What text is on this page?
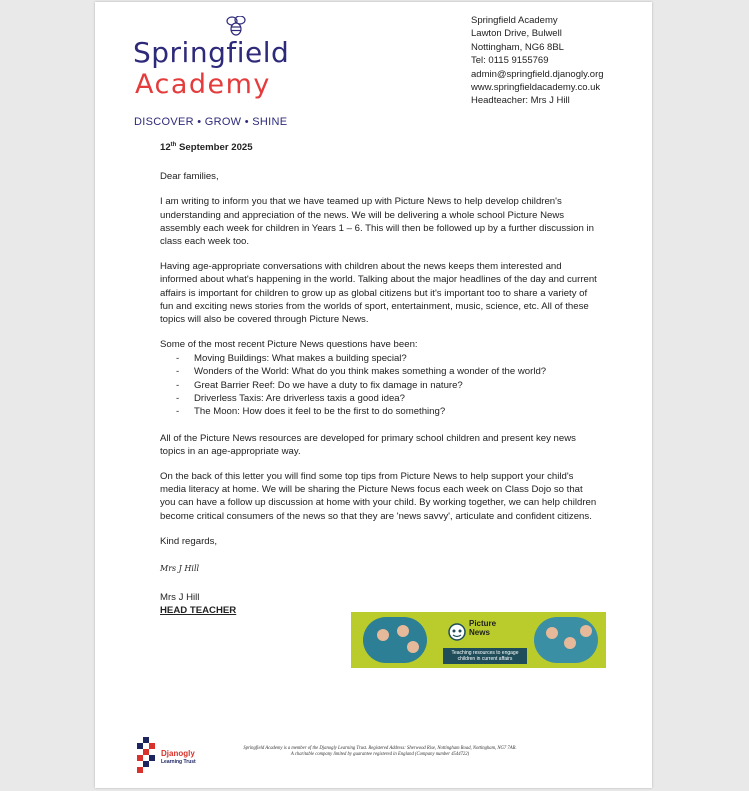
Springfield
Academy
DISCOVER • GROW • SHINE
Springfield Academy
Lawton Drive, Bulwell
Nottingham, NG6 8BL
Tel: 0115 9155769
admin@springfield.djanogly.org
www.springfieldacademy.co.uk
Headteacher: Mrs J Hill
12th September 2025

Dear families,

I am writing to inform you that we have teamed up with Picture News to help develop children's understanding and appreciation of the news. We will be delivering a whole school Picture News assembly each week for children in Years 1 – 6. This will then be followed up by a further discussion in class each week too.

Having age-appropriate conversations with children about the news keeps them interested and informed about what's happening in the world. Talking about the major headlines of the day and current affairs is important for children to grow up as global citizens but it's important too to share a variety of fun and exciting news stories from the worlds of sport, entertainment, music, science, etc. All of these topics will also be covered through Picture News.

Some of the most recent Picture News questions have been:

- Moving Buildings: What makes a building special?
- Wonders of the World: What do you think makes something a wonder of the world?
- Great Barrier Reef: Do we have a duty to fix damage in nature?
- Driverless Taxis: Are driverless taxis a good idea?
- The Moon: How does it feel to be the first to do something?

All of the Picture News resources are developed for primary school children and present key news topics in an age-appropriate way.

On the back of this letter you will find some top tips from Picture News to help support your child's media literacy at home. We will be sharing the Picture News focus each week on Class Dojo so that you can have a follow up discussion at home with your child. By working together, we can help children become critical consumers of the news so that they are 'news savvy', articulate and confident citizens.

Kind regards,

Mrs J Hill
Mrs J Hill
HEAD TEACHER
Picture News
Teaching resources to engage children in current affairs
Djanogly
Learning Trust
Springfield Academy is a member of the Djanogly Learning Trust. Registered Address: Sherwood Rise, Nottingham Road, Nottingham, NG7 7AR.
A charitable company limited by guarantee registered in England (Company number 4544722)
